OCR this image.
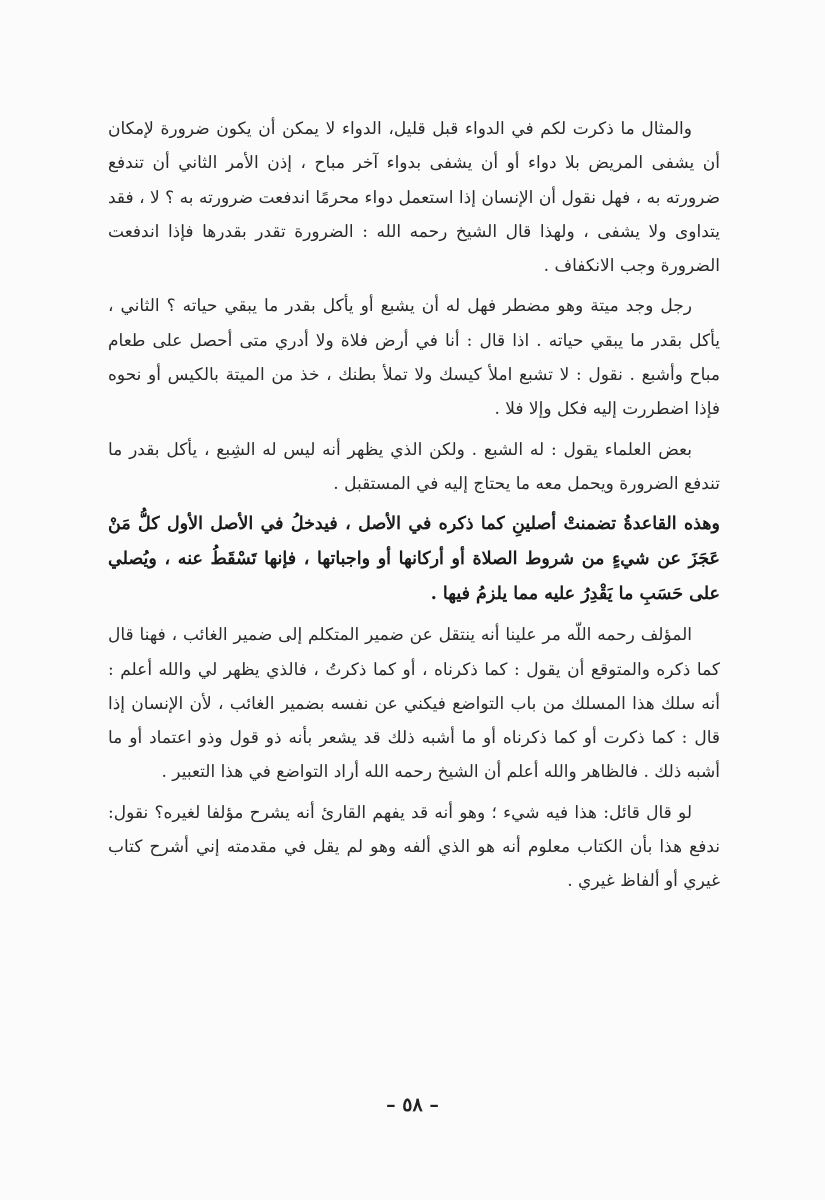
والمثال ما ذكرت لكم في الدواء قبل قليل، الدواء لا يمكن أن يكون ضرورة لإمكان أن يشفى المريض بلا دواء أو أن يشفى بدواء آخر مباح ، إذن الأمر الثاني أن تندفع ضرورته به ، فهل نقول أن الإنسان إذا استعمل دواء محرمًا اندفعت ضرورته به ؟ لا ، فقد يتداوى ولا يشفى ، ولهذا قال الشيخ رحمه الله : الضرورة تقدر بقدرها فإذا اندفعت الضرورة وجب الانكفاف .

رجل وجد ميتة وهو مضطر فهل له أن يشبع أو يأكل بقدر ما يبقي حياته ؟ الثاني ، يأكل بقدر ما يبقي حياته . اذا قال : أنا في أرض فلاة ولا أدري متى أحصل على طعام مباح وأشبع . نقول : لا تشبع املأ كيسك ولا تملأ بطنك ، خذ من الميتة بالكيس أو نحوه فإذا اضطررت إليه فكل وإلا فلا .

بعض العلماء يقول : له الشبع . ولكن الذي يظهر أنه ليس له الشِبع ، يأكل بقدر ما تندفع الضرورة ويحمل معه ما يحتاج إليه في المستقبل .

وهذه القاعدةُ تضمنتْ أصلينِ كما ذكره في الأصل ، فيدخلُ في الأصل الأول كلُّ مَنْ عَجَزَ عن شيءٍ من شروط الصلاة أو أركانها أو واجباتها ، فإنها تَسْقَطُ عنه ، ويُصلي على حَسَبِ ما يَقْدِرُ عليه مما يلزمُ فيها .

المؤلف رحمه اللّه مر علينا أنه ينتقل عن ضمير المتكلم إلى ضمير الغائب ، فهنا قال كما ذكره والمتوقع أن يقول : كما ذكرناه ، أو كما ذكرتُ ، فالذي يظهر لي والله أعلم : أنه سلك هذا المسلك من باب التواضع فيكني عن نفسه بضمير الغائب ، لأن الإنسان إذا قال : كما ذكرت أو كما ذكرناه أو ما أشبه ذلك قد يشعر بأنه ذو قول وذو اعتماد أو ما أشبه ذلك . فالظاهر والله أعلم أن الشيخ رحمه الله أراد التواضع في هذا التعبير .

لو قال قائل: هذا فيه شيء ؛ وهو أنه قد يفهم القارئ أنه يشرح مؤلفا لغيره؟ نقول: ندفع هذا بأن الكتاب معلوم أنه هو الذي ألفه وهو لم يقل في مقدمته إني أشرح كتاب غيري أو ألفاظ غيري .

– ٥٨ –
